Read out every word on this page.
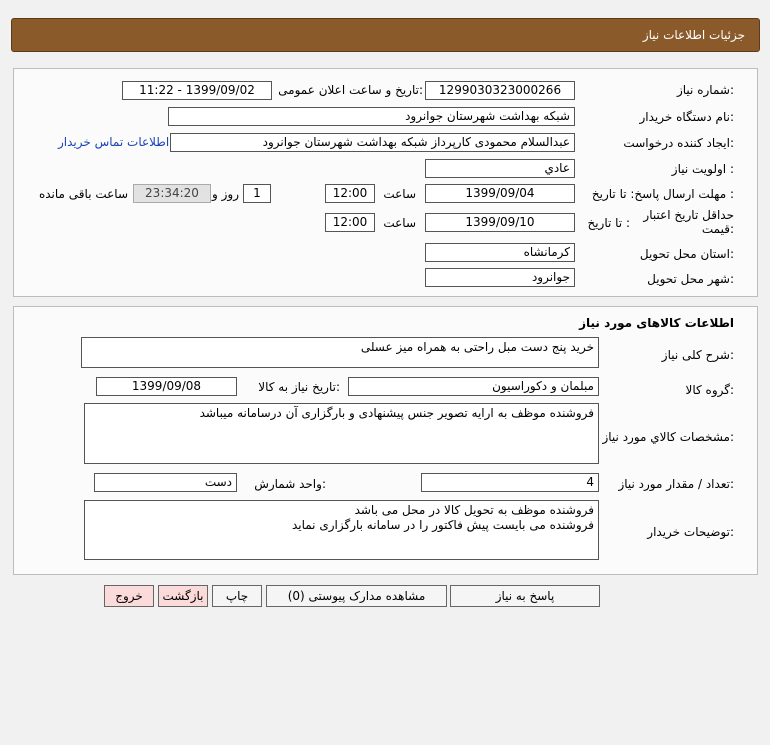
جزئیات اطلاعات نیاز
شماره نیاز:
1299030323000266
تاریخ و ساعت اعلان عمومی:
1399/09/02 - 11:22
نام دستگاه خریدار:
شبکه بهداشت شهرستان جوانرود
ایجاد کننده درخواست:
عبدالسلام محمودی کارپرداز شبکه بهداشت شهرستان جوانرود
اطلاعات تماس خریدار
اولویت نیاز :
عادي
مهلت ارسال پاسخ: تا تاریخ :
1399/09/04
ساعت
12:00
1
روز و
23:34:20
ساعت باقی مانده
حداقل تاریخ اعتبار
قیمت:
تا تاریخ :
1399/09/10
ساعت
12:00
استان محل تحویل:
کرمانشاه
شهر محل تحویل:
جوانرود
اطلاعات کالاهای مورد نیاز
شرح کلی نیاز:
خرید پنج دست مبل راحتی به همراه میز عسلی
گروه کالا:
مبلمان و دکوراسیون
تاریخ نیاز به کالا:
1399/09/08
مشخصات کالاي مورد نياز:
فروشنده موظف به ارایه تصویر جنس پیشنهادی و بارگزاری آن درسامانه میباشد
تعداد / مقدار مورد نیاز:
4
واحد شمارش:
دست
توضیحات خریدار:
فروشنده موظف به تحویل کالا در محل می باشد
فروشنده می بایست پیش فاکتور را در سامانه بارگزاری نماید
پاسخ به نیاز
مشاهده مدارک پیوستی (0)
چاپ
بازگشت
خروج
